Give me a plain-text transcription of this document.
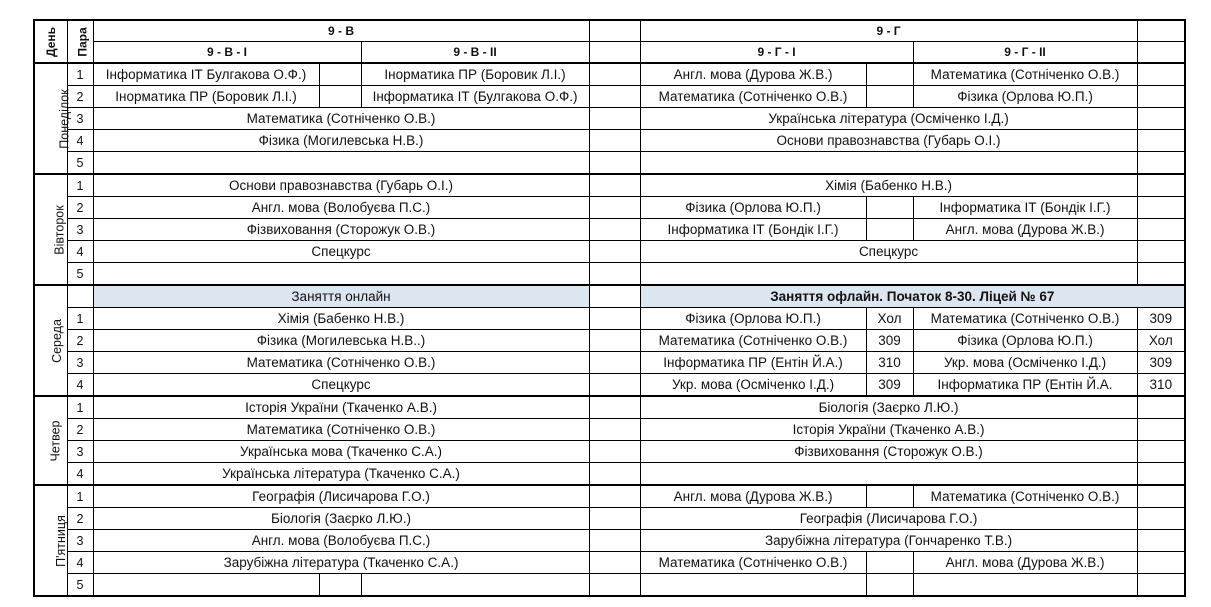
День	Пара	9 - В				9 - Г			
		9 - В - I		9 - В - II		9 - Г - I		9 - Г - II	
Понеділок	1	Інформатика ІТ Булгакова О.Ф.)		Інорматика ПР (Боровик Л.І.)		Англ. мова (Дурова Ж.В.)		Математика (Сотніченко О.В.)	
	2	Інормaтика ПР (Боровик Л.І.)		Інформатика ІТ (Булгакова О.Ф.)		Математика (Сотніченко О.В.)		Фізика (Орлова Ю.П.)	
	3	Математика (Сотніченко О.В.)				Українська література (Осміченко І.Д.)			
	4	Фізика (Могилевська Н.В.)				Основи правознавства (Губарь О.І.)			
	5								
Вівторок	1	Основи правознавства (Губарь О.І.)				Хімія (Бабенко Н.В.)			
	2	Англ. мова (Волобуєва П.С.)				Фізика (Орлова Ю.П.)		Інформатика ІТ (Бондік І.Г.)	
	3	Фізвиховання (Сторожук О.В.)				Інформатика ІТ (Бондік І.Г.)		Англ. мова (Дурова Ж.В.)	
	4	Спецкурс				Спецкурс			
	5								
Середа		Заняття онлайн				Заняття офлайн. Початок 8-30. Ліцей № 67			
	1	Хімія (Бабенко Н.В.)				Фізика (Орлова Ю.П.)	Хол	Математика (Сотніченко О.В.)	309
	2	Фізика (Могилевська Н.В..)				Математика (Сотніченко О.В.)	309	Фізика (Орлова Ю.П.)	Хол
	3	Математика (Сотніченко О.В.)				Інформатика ПР (Ентін Й.А.)	310	Укр. мова (Осміченко І.Д.)	309
	4	Спецкурс				Укр. мова (Осміченко І.Д.)	309	Інформатика ПР (Ентін Й.А.	310
Четвер	1	Історія України (Ткаченко А.В.)				Біологія (Заєрко Л.Ю.)			
	2	Математика (Сотніченко О.В.)				Історія України (Ткаченко А.В.)			
	3	Українська мова (Ткаченко С.А.)				Фізвиховання (Сторожук О.В.)			
	4	Українська література (Ткаченко С.А.)							
П'ятниця	1	Географія (Лисичарова Г.О.)				Англ. мова (Дурова Ж.В.)		Математика (Сотніченко О.В.)	
	2	Біологія (Заєрко Л.Ю.)				Географія (Лисичарова Г.О.)			
	3	Англ. мова (Волобуєва П.С.)				Зарубіжна література (Гончаренко Т.В.)			
	4	Зарубіжна література (Ткаченко С.А.)				Математика (Сотніченко О.В.)		Англ. мова (Дурова Ж.В.)	
	5								
